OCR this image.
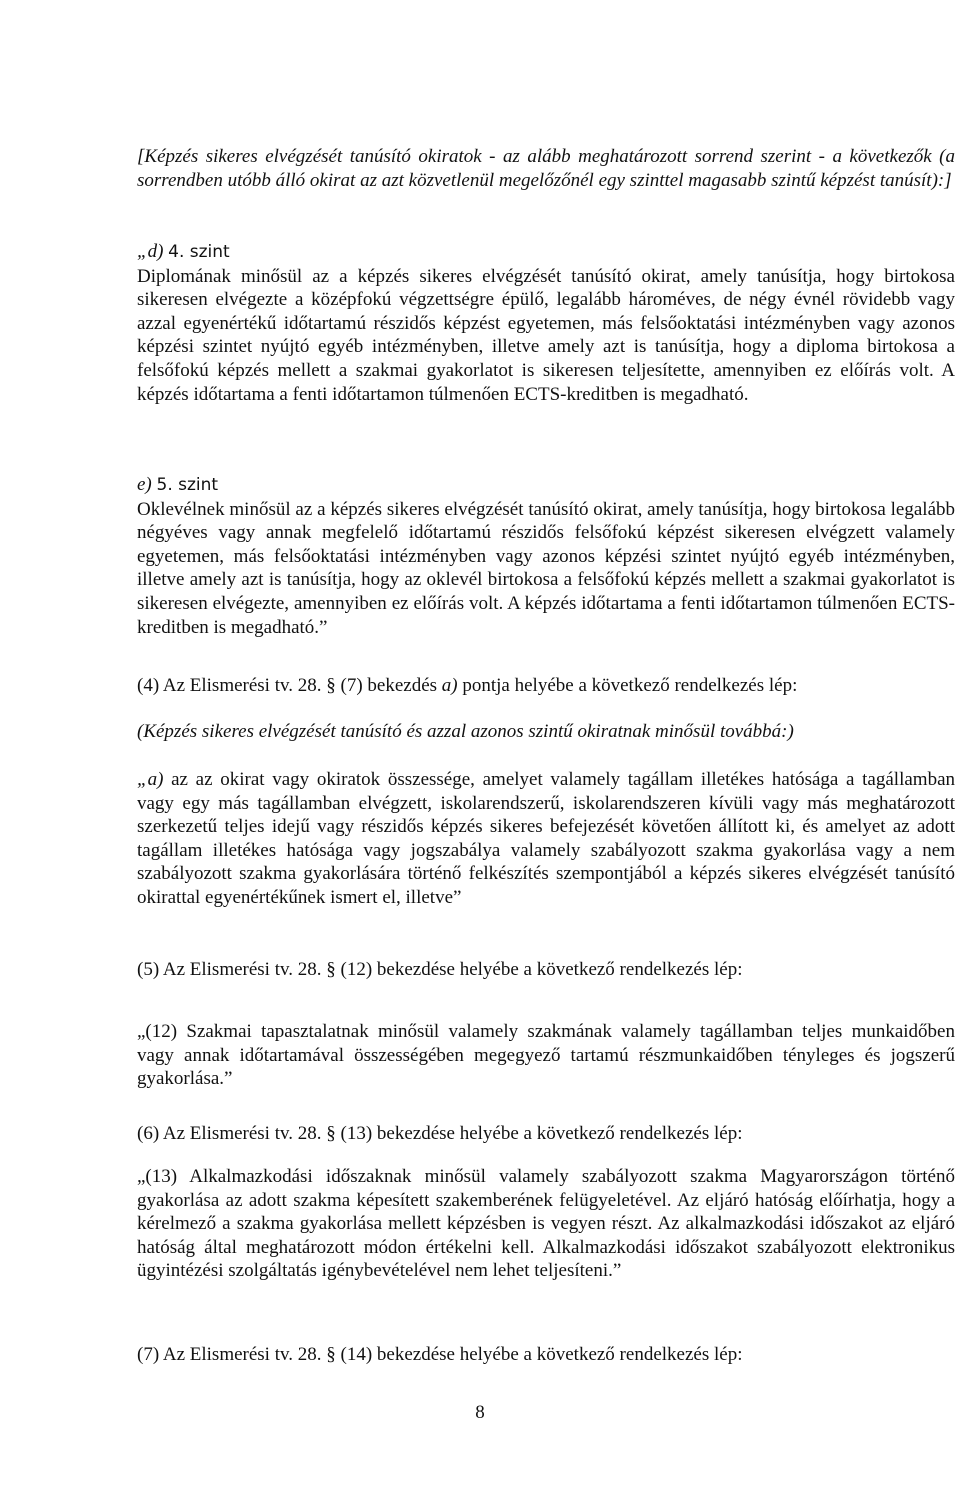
[Képzés sikeres elvégzését tanúsító okiratok - az alább meghatározott sorrend szerint - a következők (a sorrendben utóbb álló okirat az azt közvetlenül megelőzőnél egy szinttel magasabb szintű képzést tanúsít):]

„d) 4. szint

Diplomának minősül az a képzés sikeres elvégzését tanúsító okirat, amely tanúsítja, hogy birtokosa sikeresen elvégezte a középfokú végzettségre épülő, legalább hároméves, de négy évnél rövidebb vagy azzal egyenértékű időtartamú részidős képzést egyetemen, más felsőoktatási intézményben vagy azonos képzési szintet nyújtó egyéb intézményben, illetve amely azt is tanúsítja, hogy a diploma birtokosa a felsőfokú képzés mellett a szakmai gyakorlatot is sikeresen teljesítette, amennyiben ez előírás volt. A képzés időtartama a fenti időtartamon túlmenően ECTS-kreditben is megadható.

e) 5. szint

Oklevélnek minősül az a képzés sikeres elvégzését tanúsító okirat, amely tanúsítja, hogy birtokosa legalább négyéves vagy annak megfelelő időtartamú részidős felsőfokú képzést sikeresen elvégzett valamely egyetemen, más felsőoktatási intézményben vagy azonos képzési szintet nyújtó egyéb intézményben, illetve amely azt is tanúsítja, hogy az oklevél birtokosa a felsőfokú képzés mellett a szakmai gyakorlatot is sikeresen elvégezte, amennyiben ez előírás volt. A képzés időtartama a fenti időtartamon túlmenően ECTS-kreditben is megadható.”

(4) Az Elismerési tv. 28. § (7) bekezdés a) pontja helyébe a következő rendelkezés lép:

(Képzés sikeres elvégzését tanúsító és azzal azonos szintű okiratnak minősül továbbá:)

„a) az az okirat vagy okiratok összessége, amelyet valamely tagállam illetékes hatósága a tagállamban vagy egy más tagállamban elvégzett, iskolarendszerű, iskolarendszeren kívüli vagy más meghatározott szerkezetű teljes idejű vagy részidős képzés sikeres befejezését követően állított ki, és amelyet az adott tagállam illetékes hatósága vagy jogszabálya valamely szabályozott szakma gyakorlása vagy a nem szabályozott szakma gyakorlására történő felkészítés szempontjából a képzés sikeres elvégzését tanúsító okirattal egyenértékűnek ismert el, illetve”

(5) Az Elismerési tv. 28. § (12) bekezdése helyébe a következő rendelkezés lép:

„(12) Szakmai tapasztalatnak minősül valamely szakmának valamely tagállamban teljes munkaidőben vagy annak időtartamával összességében megegyező tartamú részmunkaidőben tényleges és jogszerű gyakorlása.”

(6) Az Elismerési tv. 28. § (13) bekezdése helyébe a következő rendelkezés lép:

„(13) Alkalmazkodási időszaknak minősül valamely szabályozott szakma Magyarországon történő gyakorlása az adott szakma képesített szakemberének felügyeletével. Az eljáró hatóság előírhatja, hogy a kérelmező a szakma gyakorlása mellett képzésben is vegyen részt. Az alkalmazkodási időszakot az eljáró hatóság által meghatározott módon értékelni kell. Alkalmazkodási időszakot szabályozott elektronikus ügyintézési szolgáltatás igénybevételével nem lehet teljesíteni.”

(7) Az Elismerési tv. 28. § (14) bekezdése helyébe a következő rendelkezés lép:

8
